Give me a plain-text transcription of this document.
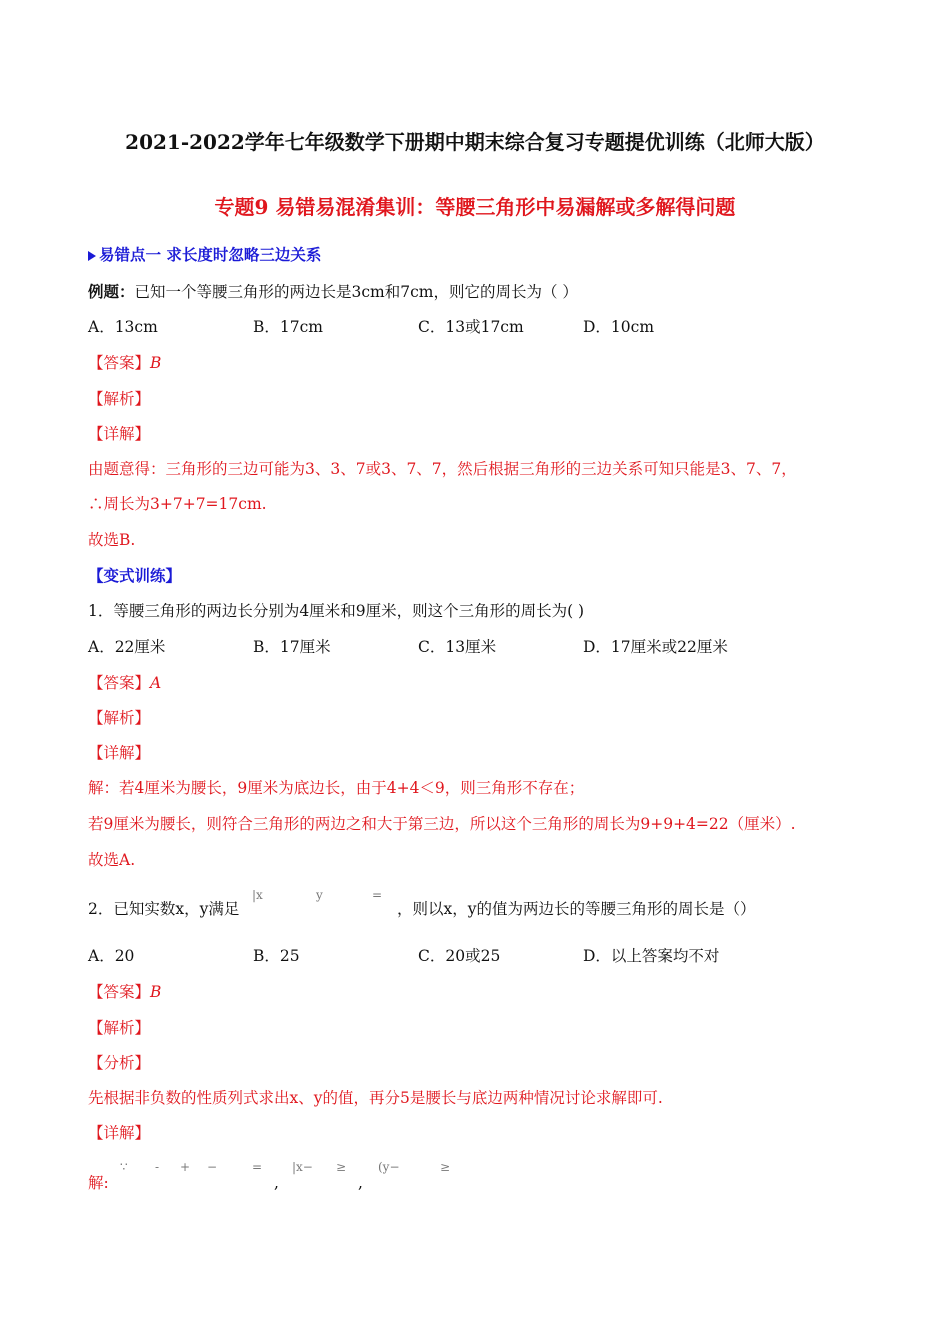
2021-2022学年七年级数学下册期中期末综合复习专题提优训练（北师大版）
专题9 易错易混淆集训：等腰三角形中易漏解或多解得问题
易错点一 求长度时忽略三边关系
例题：已知一个等腰三角形的两边长是3cm和7cm，则它的周长为（ ）
A．13cm	B．17cm	C．13或17cm	D．10cm
【答案】B
【解析】
【详解】
由题意得：三角形的三边可能为3、3、7或3、7、7，然后根据三角形的三边关系可知只能是3、7、7，
∴周长为3+7+7=17cm.
故选B.
【变式训练】
1．等腰三角形的两边长分别为4厘米和9厘米，则这个三角形的周长为( )
A．22厘米	B．17厘米	C．13厘米	D．17厘米或22厘米
【答案】A
【解析】
【详解】
解：若4厘米为腰长，9厘米为底边长，由于4+4＜9，则三角形不存在；
若9厘米为腰长，则符合三角形的两边之和大于第三边，所以这个三角形的周长为9+9+4=22（厘米）.
故选A.
2．已知实数x，y满足
|x	y	=
，则以x，y的值为两边长的等腰三角形的周长是（）
A．20	B．25	C．20或25	D．以上答案均不对
【答案】B
【解析】
【分析】
先根据非负数的性质列式求出x、y的值，再分5是腰长与底边两种情况讨论求解即可.
【详解】
解:
∵ - + −	=
,
|x− ≥
,
(y−	≥
